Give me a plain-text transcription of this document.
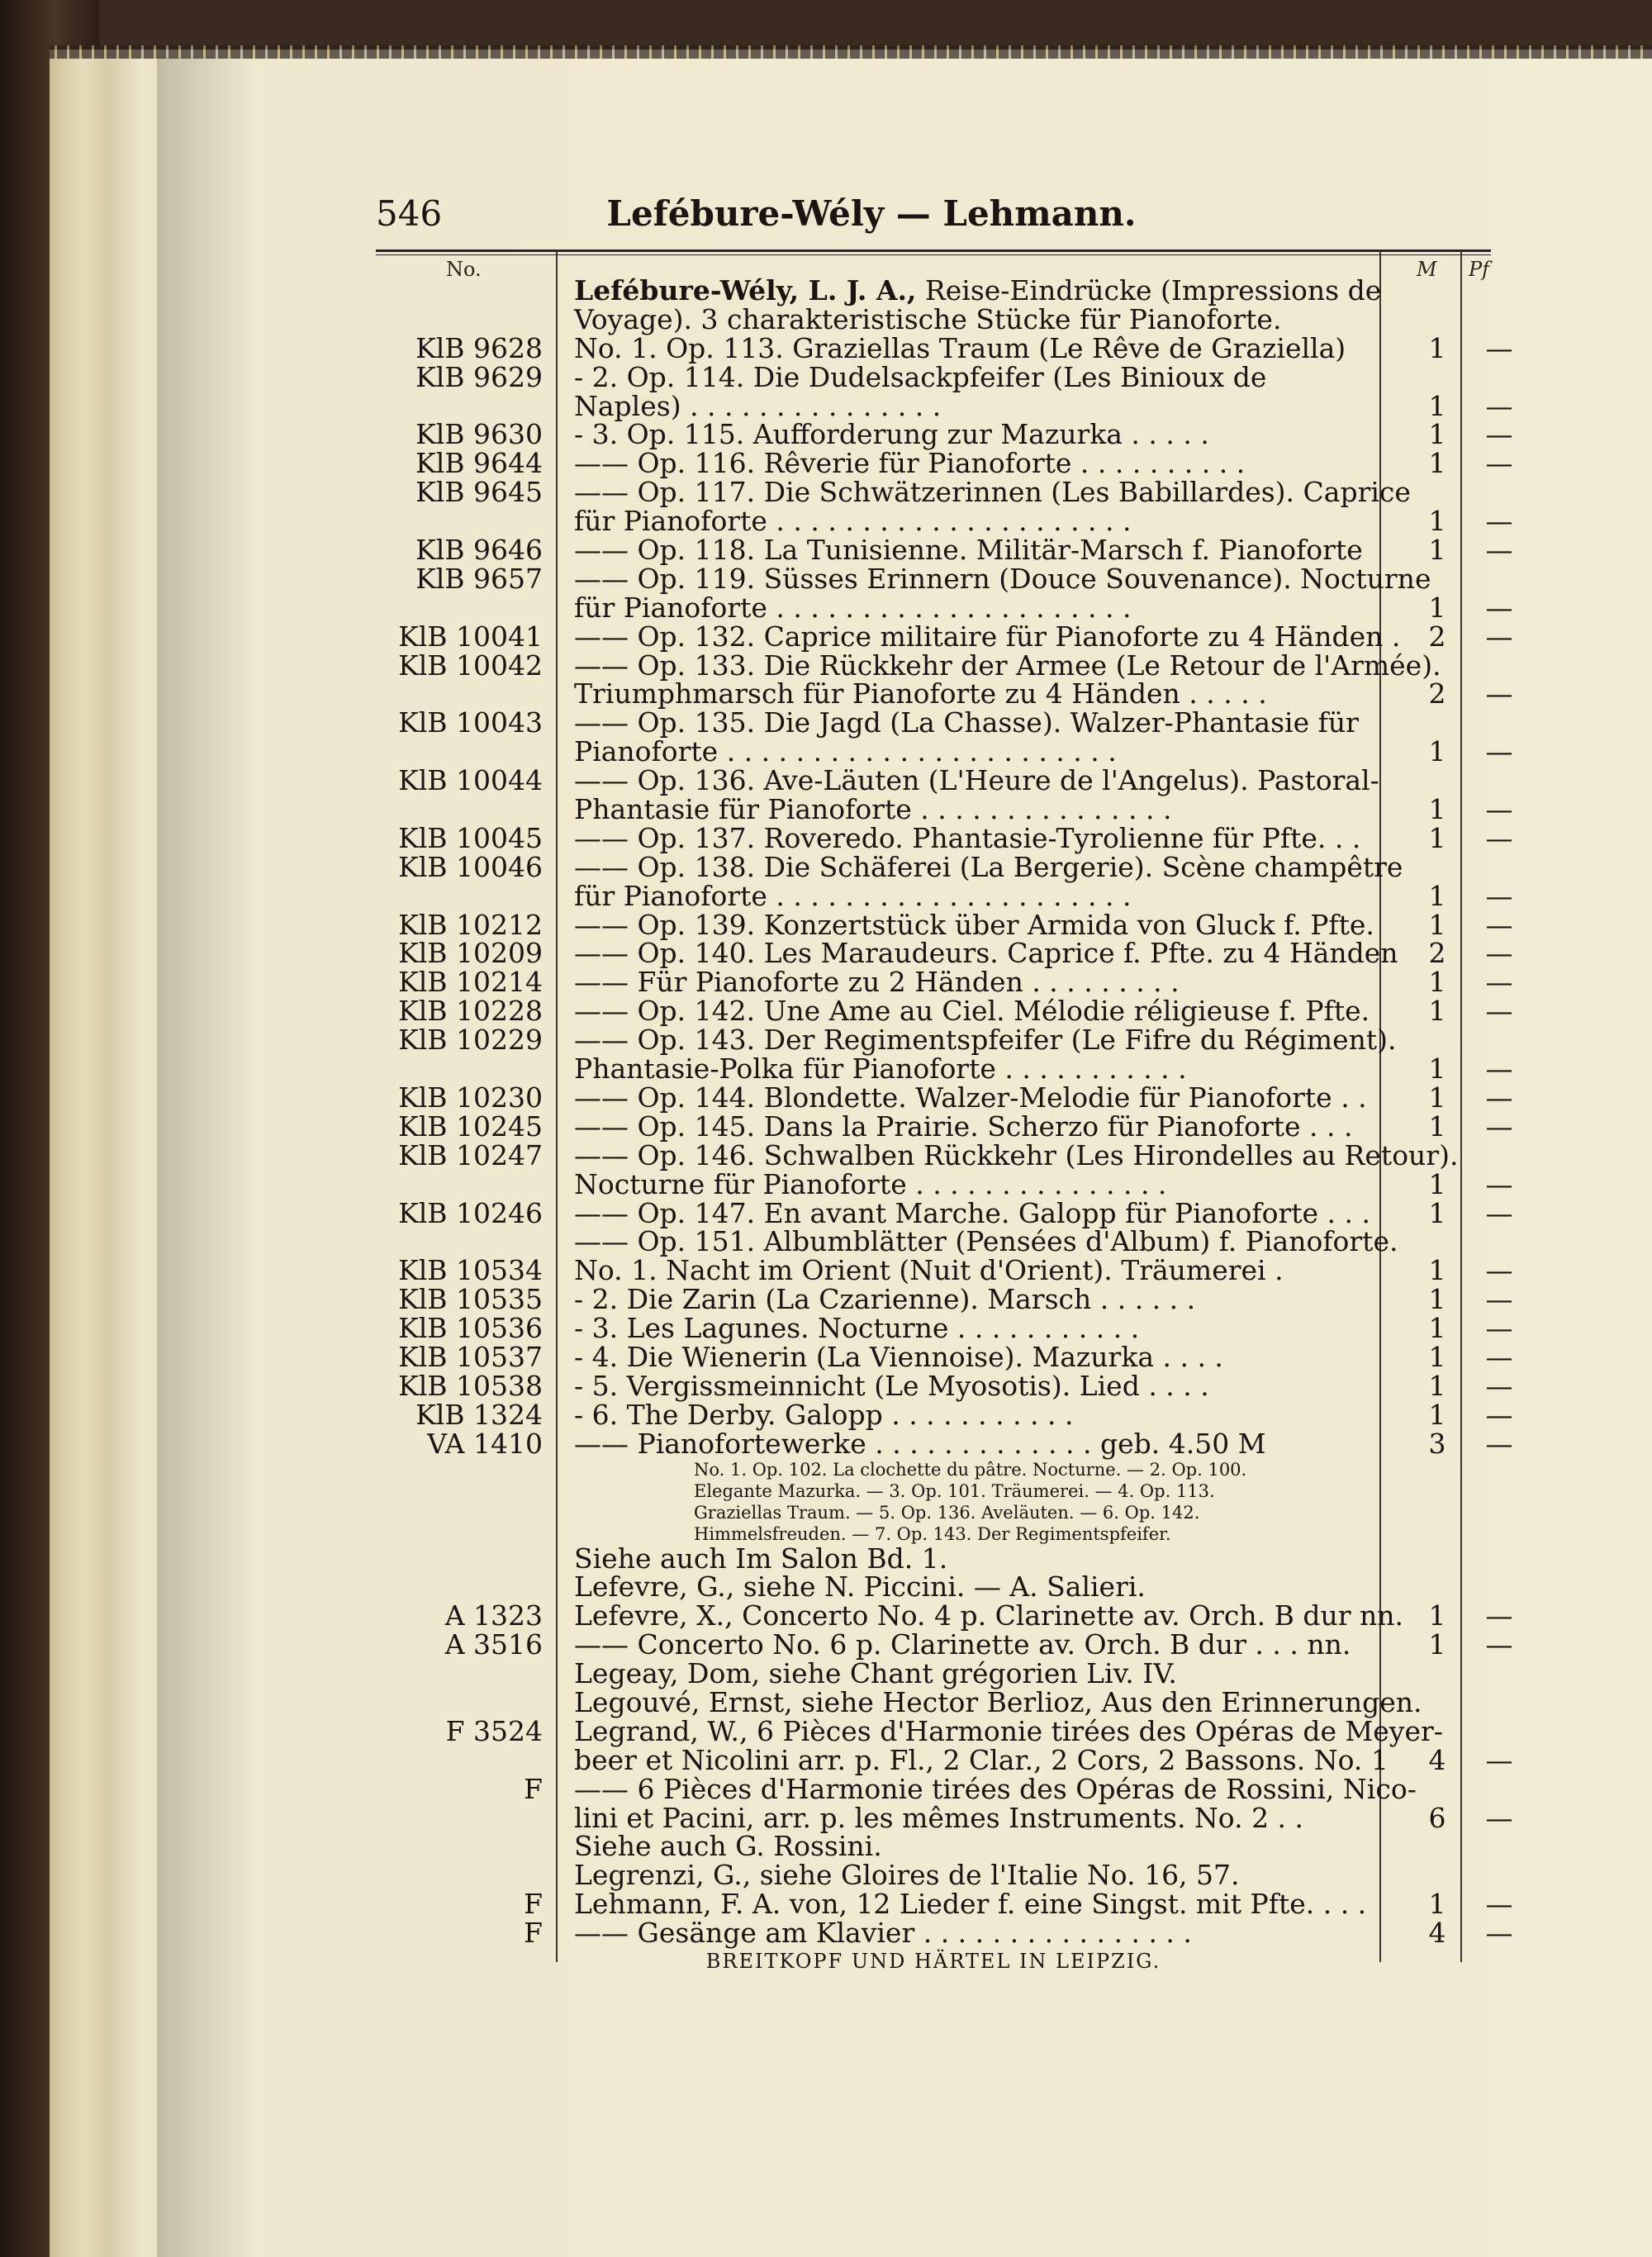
546	Lefébure-Wély — Lehmann.
No.	M Pf
Lefébure-Wély, L. J. A., Reise-Eindrücke (Impressions de
Voyage). 3 charakteristische Stücke für Pianoforte.
KlB 9628 No. 1. Op. 113. Graziellas Traum (Le Rêve de Graziella)	1	—
KlB 9629 - 2. Op. 114. Die Dudelsackpfeifer (Les Binioux de
Naples) . . . . . . . . . . . . . . .	1	—
KlB 9630 - 3. Op. 115. Aufforderung zur Mazurka . . . . .	1	—
KlB 9644 —— Op. 116. Rêverie für Pianoforte . . . . . . . . . .	1	—
KlB 9645 —— Op. 117. Die Schwätzerinnen (Les Babillardes). Caprice
für Pianoforte . . . . . . . . . . . . . . . . . . . . .	1	—
KlB 9646 —— Op. 118. La Tunisienne. Militär-Marsch f. Pianoforte	1	—
KlB 9657 —— Op. 119. Süsses Erinnern (Douce Souvenance). Nocturne
für Pianoforte . . . . . . . . . . . . . . . . . . . . .	1	—
KlB 10041 —— Op. 132. Caprice militaire für Pianoforte zu 4 Händen .	2	—
KlB 10042 —— Op. 133. Die Rückkehr der Armee (Le Retour de l'Armée).
Triumphmarsch für Pianoforte zu 4 Händen . . . . .	2	—
KlB 10043 —— Op. 135. Die Jagd (La Chasse). Walzer-Phantasie für
Pianoforte . . . . . . . . . . . . . . . . . . . . . . .	1	—
KlB 10044 —— Op. 136. Ave-Läuten (L'Heure de l'Angelus). Pastoral-
Phantasie für Pianoforte . . . . . . . . . . . . . . .	1	—
KlB 10045 —— Op. 137. Roveredo. Phantasie-Tyrolienne für Pfte. . .	1	—
KlB 10046 —— Op. 138. Die Schäferei (La Bergerie). Scène champêtre
für Pianoforte . . . . . . . . . . . . . . . . . . . . .	1	—
KlB 10212 —— Op. 139. Konzertstück über Armida von Gluck f. Pfte.	1	—
KlB 10209 —— Op. 140. Les Maraudeurs. Caprice f. Pfte. zu 4 Händen	2	—
KlB 10214 —— Für Pianoforte zu 2 Händen . . . . . . . . .	1	—
KlB 10228 —— Op. 142. Une Ame au Ciel. Mélodie réligieuse f. Pfte.	1	—
KlB 10229 —— Op. 143. Der Regimentspfeifer (Le Fifre du Régiment).
Phantasie-Polka für Pianoforte . . . . . . . . . . .	1	—
KlB 10230 —— Op. 144. Blondette. Walzer-Melodie für Pianoforte . .	1	—
KlB 10245 —— Op. 145. Dans la Prairie. Scherzo für Pianoforte . . .	1	—
KlB 10247 —— Op. 146. Schwalben Rückkehr (Les Hirondelles au Retour).
Nocturne für Pianoforte . . . . . . . . . . . . . . .	1	—
KlB 10246 —— Op. 147. En avant Marche. Galopp für Pianoforte . . .	1	—
—— Op. 151. Albumblätter (Pensées d'Album) f. Pianoforte.
KlB 10534 No. 1. Nacht im Orient (Nuit d'Orient). Träumerei .	1	—
KlB 10535 - 2. Die Zarin (La Czarienne). Marsch . . . . . .	1	—
KlB 10536 - 3. Les Lagunes. Nocturne . . . . . . . . . . .	1	—
KlB 10537 - 4. Die Wienerin (La Viennoise). Mazurka . . . .	1	—
KlB 10538 - 5. Vergissmeinnicht (Le Myosotis). Lied . . . .	1	—
KlB 1324 - 6. The Derby. Galopp . . . . . . . . . . .	1	—
VA 1410 —— Pianofortewerke . . . . . . . . . . . . . geb. 4.50 M	3	—
No. 1. Op. 102. La clochette du pâtre. Nocturne. — 2. Op. 100.
Elegante Mazurka. — 3. Op. 101. Träumerei. — 4. Op. 113.
Graziellas Traum. — 5. Op. 136. Aveläuten. — 6. Op. 142.
Himmelsfreuden. — 7. Op. 143. Der Regimentspfeifer.
Siehe auch Im Salon Bd. 1.
Lefevre, G., siehe N. Piccini. — A. Salieri.
A 1323 Lefevre, X., Concerto No. 4 p. Clarinette av. Orch. B dur nn. 1	—
A 3516 —— Concerto No. 6 p. Clarinette av. Orch. B dur . . . nn.	1	—
Legeay, Dom, siehe Chant grégorien Liv. IV.
Legouvé, Ernst, siehe Hector Berlioz, Aus den Erinnerungen.
F 3524 Legrand, W., 6 Pièces d'Harmonie tirées des Opéras de Meyer-
beer et Nicolini arr. p. Fl., 2 Clar., 2 Cors, 2 Bassons. No. 1	4	—
F —— 6 Pièces d'Harmonie tirées des Opéras de Rossini, Nico-
lini et Pacini, arr. p. les mêmes Instruments. No. 2 . .	6	—
Siehe auch G. Rossini.
Legrenzi, G., siehe Gloires de l'Italie No. 16, 57.
F Lehmann, F. A. von, 12 Lieder f. eine Singst. mit Pfte. . . .	1	—
F —— Gesänge am Klavier . . . . . . . . . . . . . . . .	4	—
BREITKOPF UND HÄRTEL IN LEIPZIG.
